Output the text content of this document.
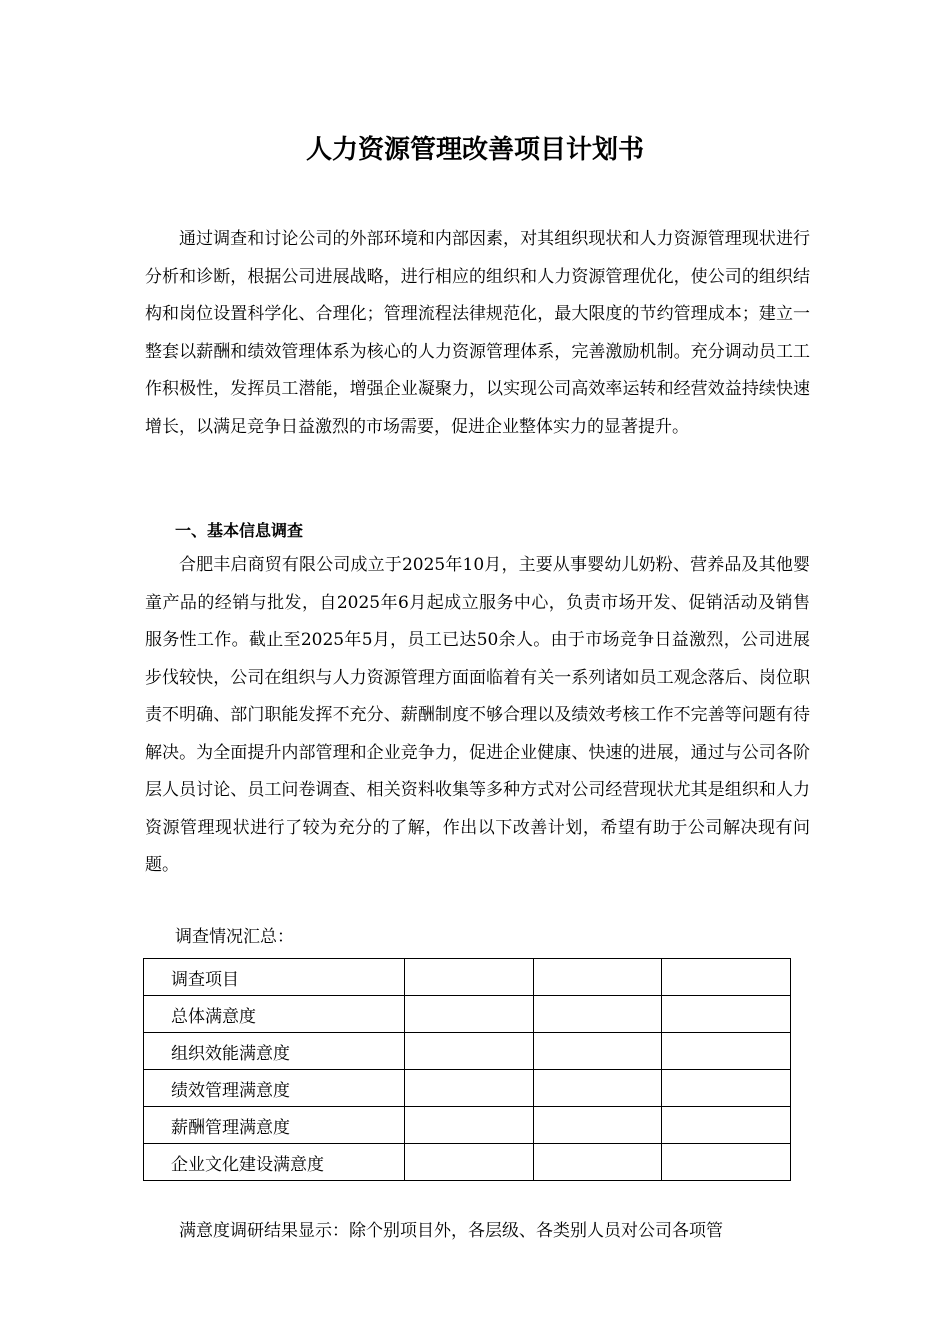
人力资源管理改善项目计划书

通过调查和讨论公司的外部环境和内部因素，对其组织现状和人力资源管理现状进行分析和诊断，根据公司进展战略，进行相应的组织和人力资源管理优化，使公司的组织结构和岗位设置科学化、合理化；管理流程法律规范化，最大限度的节约管理成本；建立一整套以薪酬和绩效管理体系为核心的人力资源管理体系，完善激励机制。充分调动员工工作积极性，发挥员工潜能，增强企业凝聚力，以实现公司高效率运转和经营效益持续快速增长，以满足竞争日益激烈的市场需要，促进企业整体实力的显著提升。

一、基本信息调查

合肥丰启商贸有限公司成立于2025年10月，主要从事婴幼儿奶粉、营养品及其他婴童产品的经销与批发，自2025年6月起成立服务中心，负责市场开发、促销活动及销售服务性工作。截止至2025年5月，员工已达50余人。由于市场竞争日益激烈，公司进展步伐较快，公司在组织与人力资源管理方面面临着有关一系列诸如员工观念落后、岗位职责不明确、部门职能发挥不充分、薪酬制度不够合理以及绩效考核工作不完善等问题有待解决。为全面提升内部管理和企业竞争力，促进企业健康、快速的进展，通过与公司各阶层人员讨论、员工问卷调查、相关资料收集等多种方式对公司经营现状尤其是组织和人力资源管理现状进行了较为充分的了解，作出以下改善计划，希望有助于公司解决现有问题。

调查情况汇总：

调查项目			
总体满意度			
组织效能满意度			
绩效管理满意度			
薪酬管理满意度			
企业文化建设满意度			

满意度调研结果显示：除个别项目外，各层级、各类别人员对公司各项管
